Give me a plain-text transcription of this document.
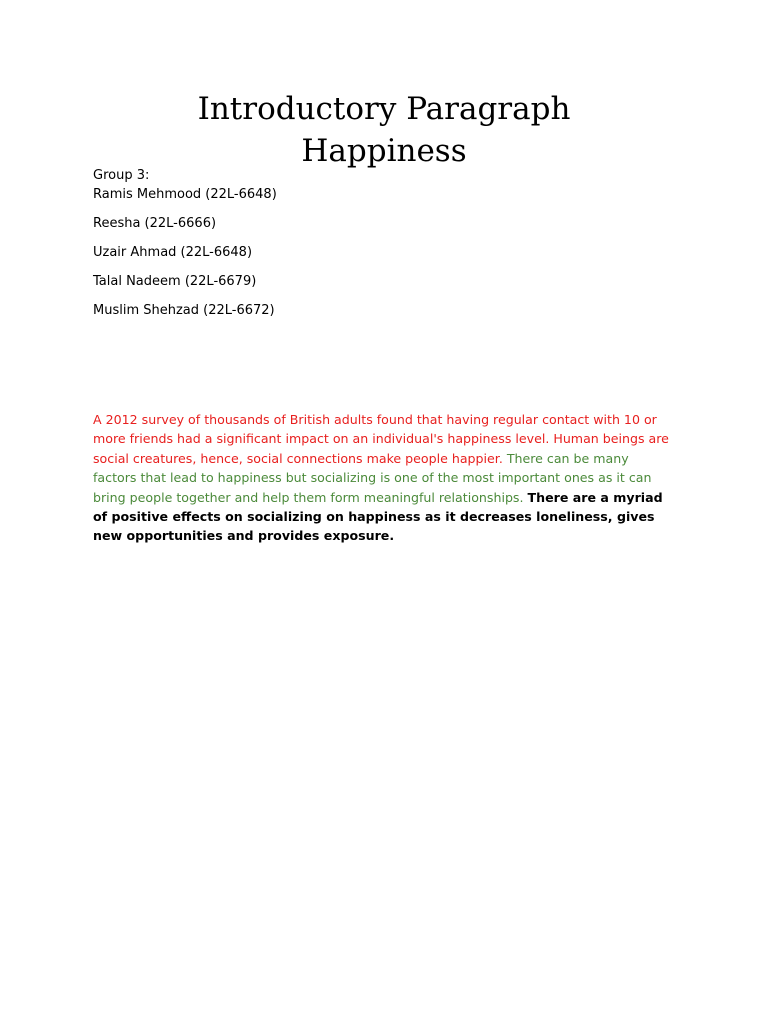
Introductory Paragraph
Happiness
Group 3:
Ramis Mehmood (22L-6648)
Reesha (22L-6666)
Uzair Ahmad (22L-6648)
Talal Nadeem (22L-6679)
Muslim Shehzad (22L-6672)

A 2012 survey of thousands of British adults found that having regular contact with 10 or more friends had a significant impact on an individual's happiness level. Human beings are social creatures, hence, social connections make people happier. There can be many factors that lead to happiness but socializing is one of the most important ones as it can bring people together and help them form meaningful relationships. There are a myriad of positive effects on socializing on happiness as it decreases loneliness, gives new opportunities and provides exposure.
